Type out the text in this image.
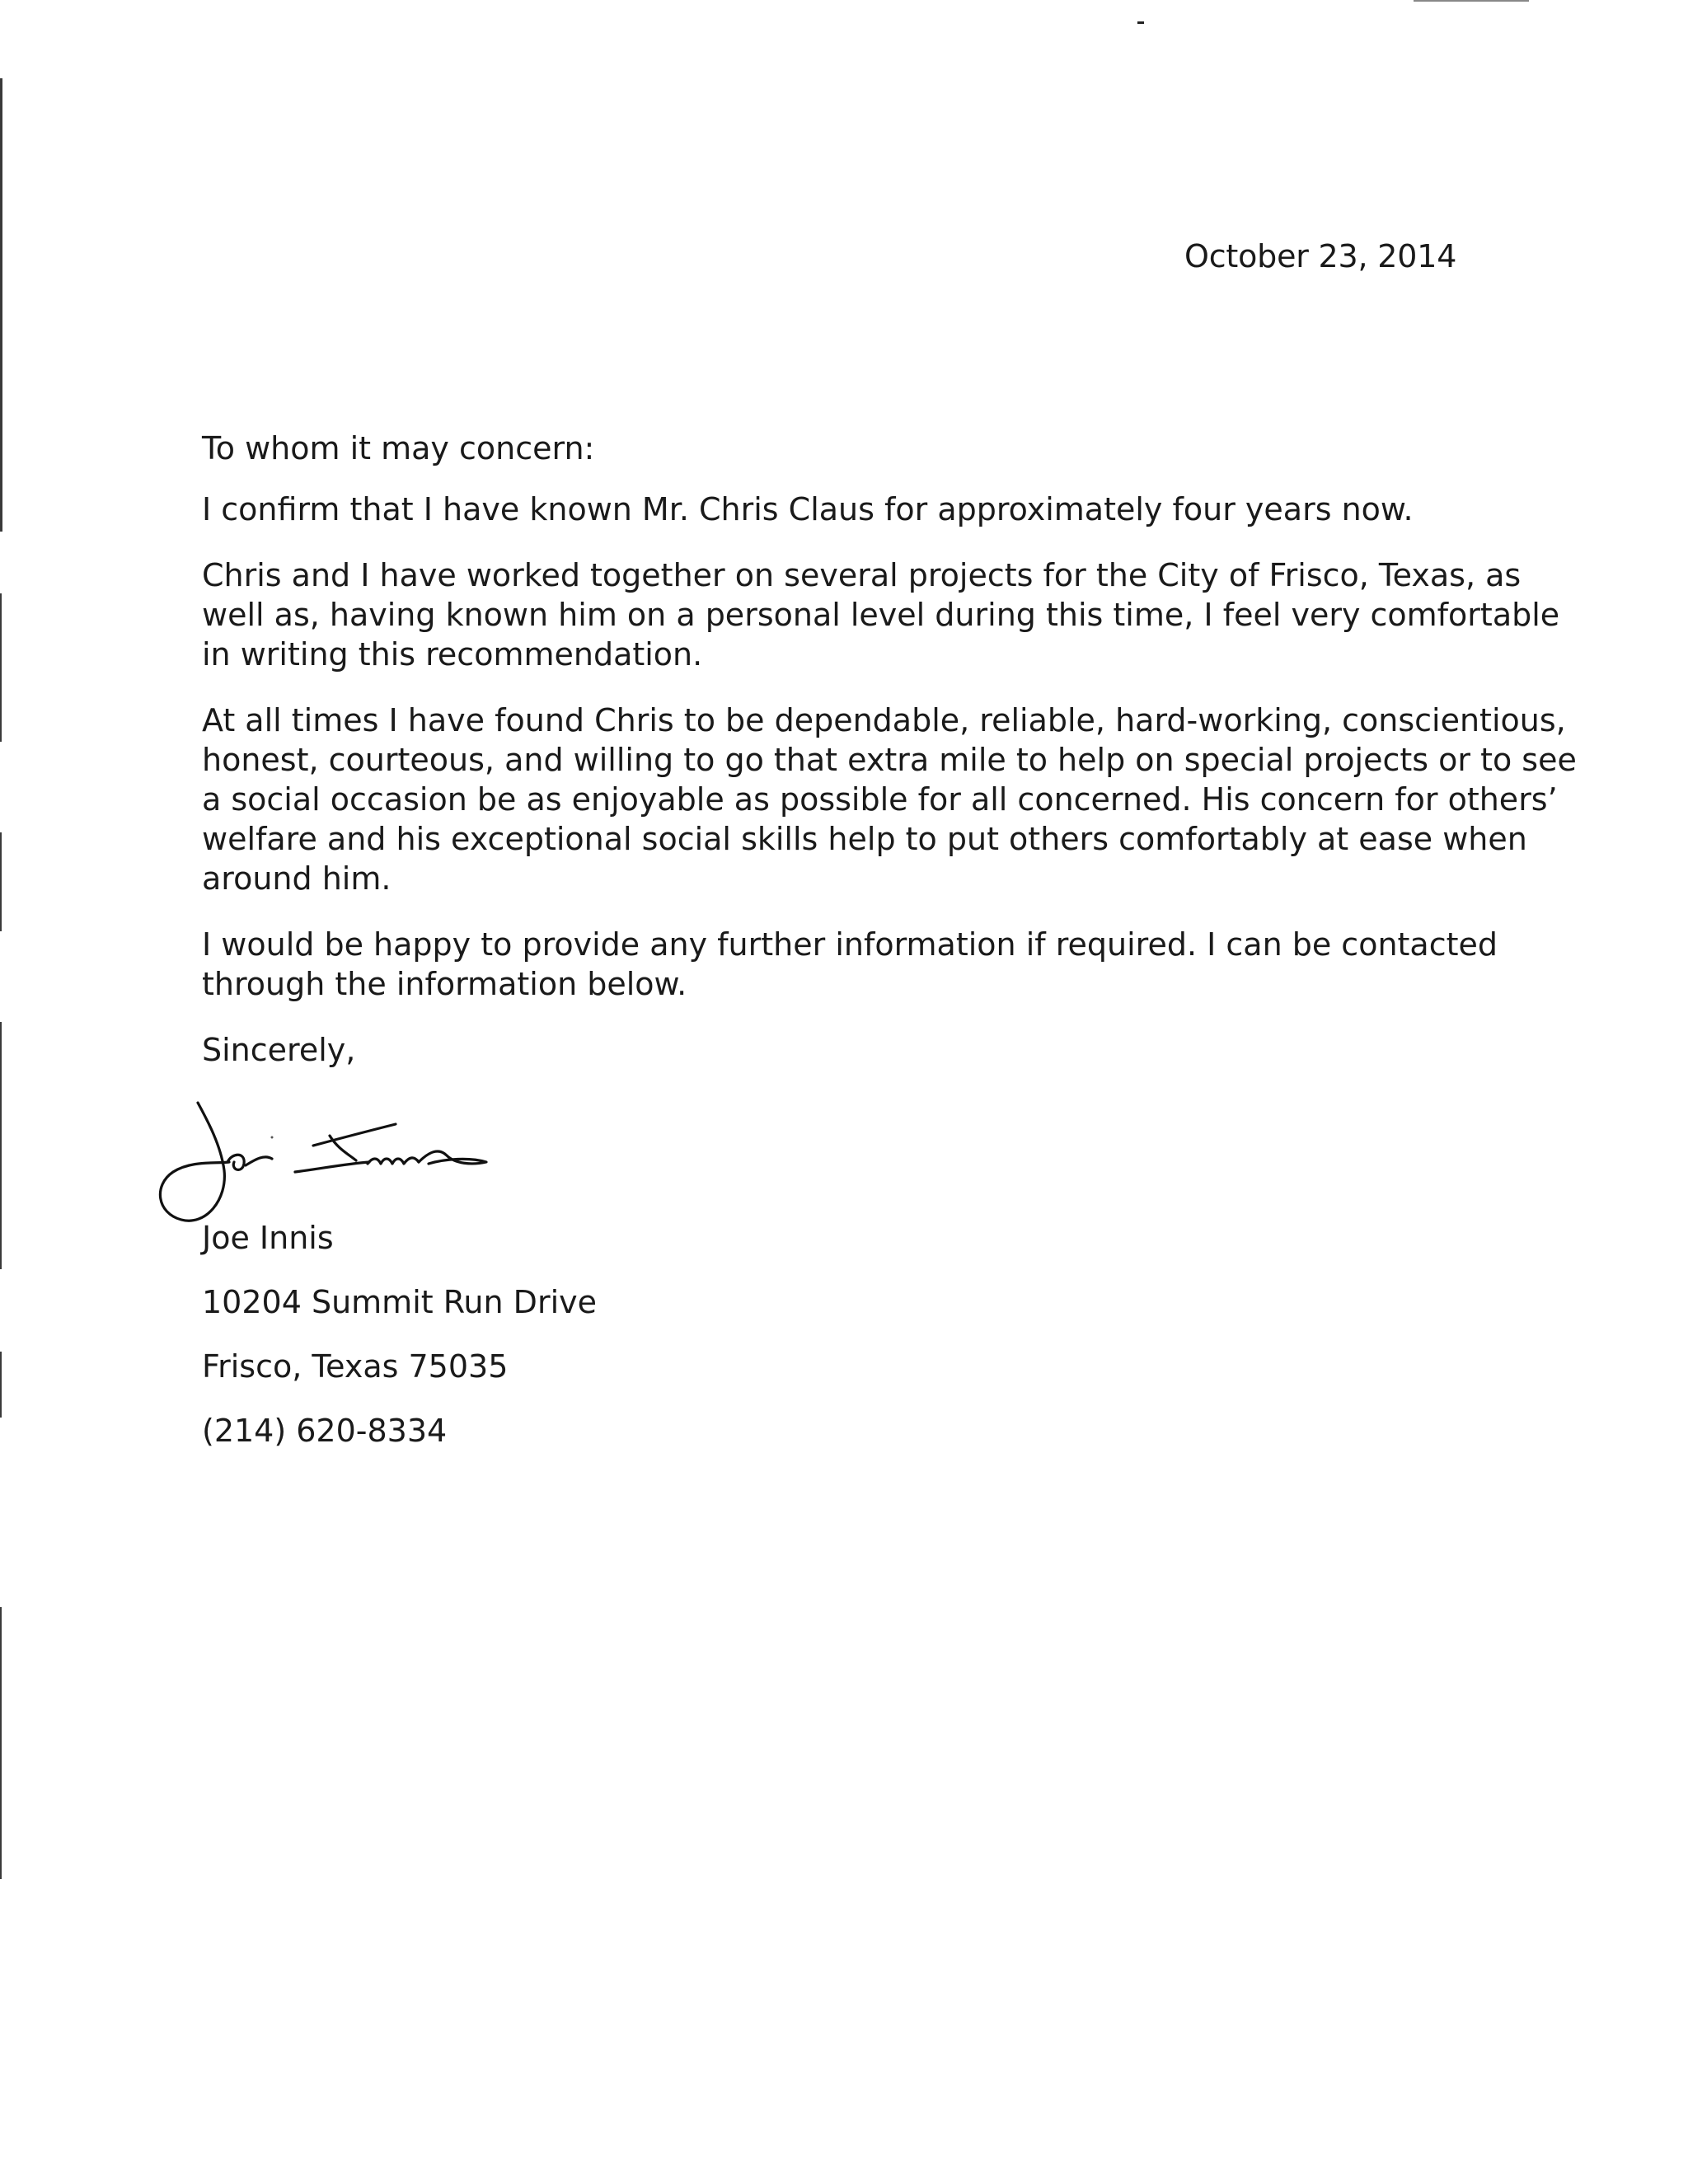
October 23, 2014

To whom it may concern:

I confirm that I have known Mr. Chris Claus for approximately four years now.

Chris and I have worked together on several projects for the City of Frisco, Texas, as
well as, having known him on a personal level during this time, I feel very comfortable
in writing this recommendation.

At all times I have found Chris to be dependable, reliable, hard-working, conscientious,
honest, courteous, and willing to go that extra mile to help on special projects or to see
a social occasion be as enjoyable as possible for all concerned. His concern for others’
welfare and his exceptional social skills help to put others comfortably at ease when
around him.

I would be happy to provide any further information if required. I can be contacted
through the information below.

Sincerely,

Joe Innis
10204 Summit Run Drive
Frisco, Texas 75035
(214) 620-8334
